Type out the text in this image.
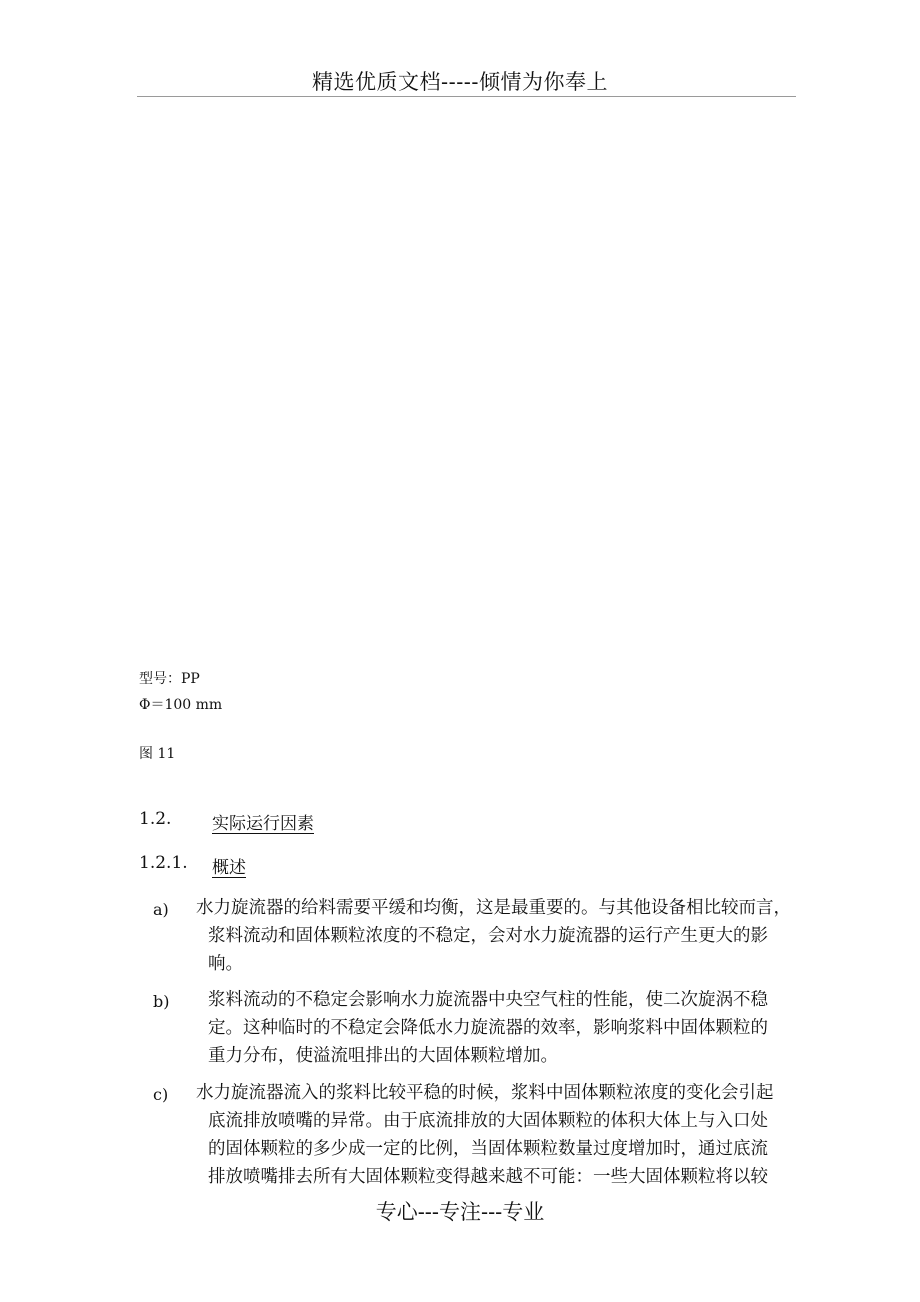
精选优质文档-----倾情为你奉上
型号：PP
Φ＝100 mm
图 11
1.2. 实际运行因素
1.2.1. 概述
a) 水力旋流器的给料需要平缓和均衡，这是最重要的。与其他设备相比较而言，
浆料流动和固体颗粒浓度的不稳定，会对水力旋流器的运行产生更大的影
响。
b) 浆料流动的不稳定会影响水力旋流器中央空气柱的性能，使二次旋涡不稳
定。这种临时的不稳定会降低水力旋流器的效率，影响浆料中固体颗粒的
重力分布，使溢流咀排出的大固体颗粒增加。
c) 水力旋流器流入的浆料比较平稳的时候，浆料中固体颗粒浓度的变化会引起
底流排放喷嘴的异常。由于底流排放的大固体颗粒的体积大体上与入口处
的固体颗粒的多少成一定的比例，当固体颗粒数量过度增加时，通过底流
排放喷嘴排去所有大固体颗粒变得越来越不可能：一些大固体颗粒将以较
专心---专注---专业
